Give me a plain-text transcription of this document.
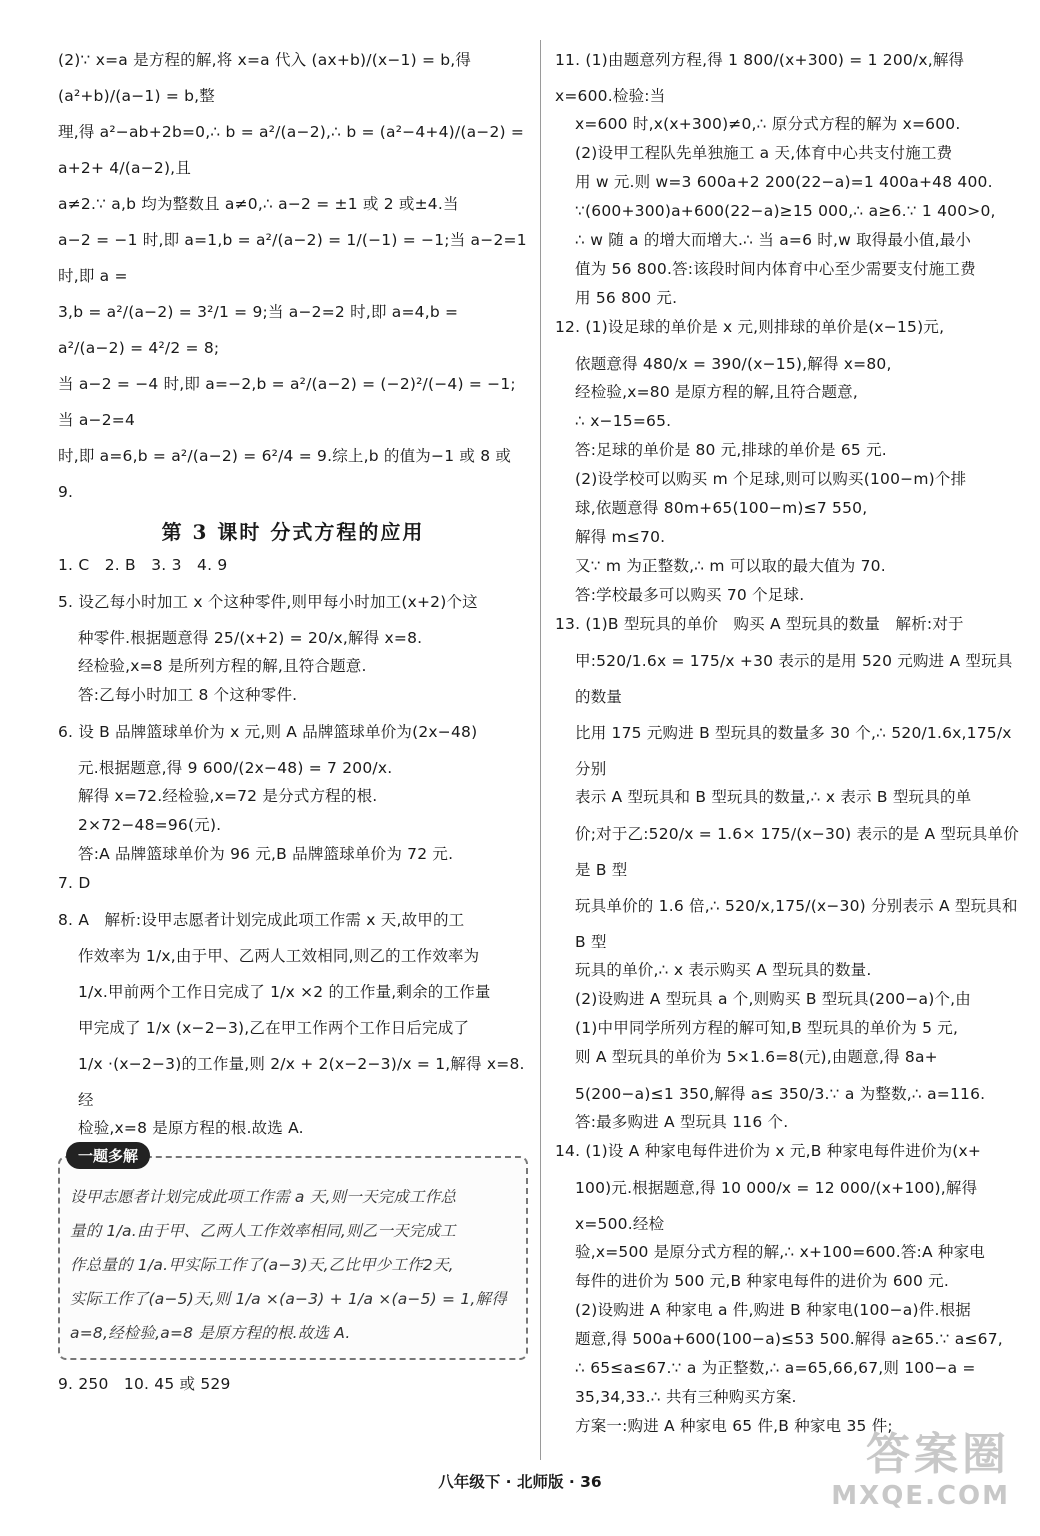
(2)∵ x=a 是方程的解,将 x=a 代入 (ax+b)/(x−1) = b,得 (a²+b)/(a−1) = b,整
理,得 a²−ab+2b=0,∴ b = a²/(a−2),∴ b = (a²−4+4)/(a−2) = a+2+ 4/(a−2),且
a≠2.∵ a,b 均为整数且 a≠0,∴ a−2 = ±1 或 2 或±4.当
a−2 = −1 时,即 a=1,b = a²/(a−2) = 1/(−1) = −1;当 a−2=1 时,即 a =
3,b = a²/(a−2) = 3²/1 = 9;当 a−2=2 时,即 a=4,b = a²/(a−2) = 4²/2 = 8;
当 a−2 = −4 时,即 a=−2,b = a²/(a−2) = (−2)²/(−4) = −1;当 a−2=4
时,即 a=6,b = a²/(a−2) = 6²/4 = 9.综上,b 的值为−1 或 8 或 9.
第 3 课时 分式方程的应用
1. C   2. B   3. 3   4. 9
5. 设乙每小时加工 x 个这种零件,则甲每小时加工(x+2)个这
种零件.根据题意得 25/(x+2) = 20/x,解得 x=8.
经检验,x=8 是所列方程的解,且符合题意.
答:乙每小时加工 8 个这种零件.
6. 设 B 品牌篮球单价为 x 元,则 A 品牌篮球单价为(2x−48)
元.根据题意,得 9 600/(2x−48) = 7 200/x.
解得 x=72.经检验,x=72 是分式方程的根.
2×72−48=96(元).
答:A 品牌篮球单价为 96 元,B 品牌篮球单价为 72 元.
7. D
8. A   解析:设甲志愿者计划完成此项工作需 x 天,故甲的工
作效率为 1/x,由于甲、乙两人工效相同,则乙的工作效率为
1/x.甲前两个工作日完成了 1/x ×2 的工作量,剩余的工作量
甲完成了 1/x (x−2−3),乙在甲工作两个工作日后完成了
1/x ·(x−2−3)的工作量,则 2/x + 2(x−2−3)/x = 1,解得 x=8.经
检验,x=8 是原方程的根.故选 A.
一题多解
设甲志愿者计划完成此项工作需 a 天,则一天完成工作总
量的 1/a.由于甲、乙两人工作效率相同,则乙一天完成工
作总量的 1/a.甲实际工作了(a−3)天,乙比甲少工作2天,
实际工作了(a−5)天,则 1/a ×(a−3) + 1/a ×(a−5) = 1,解得
a=8,经检验,a=8 是原方程的根.故选 A.
9. 250   10. 45 或 529
11. (1)由题意列方程,得 1 800/(x+300) = 1 200/x,解得 x=600.检验:当
x=600 时,x(x+300)≠0,∴ 原分式方程的解为 x=600.
(2)设甲工程队先单独施工 a 天,体育中心共支付施工费
用 w 元.则 w=3 600a+2 200(22−a)=1 400a+48 400.
∵(600+300)a+600(22−a)≥15 000,∴ a≥6.∵ 1 400>0,
∴ w 随 a 的增大而增大.∴ 当 a=6 时,w 取得最小值,最小
值为 56 800.答:该段时间内体育中心至少需要支付施工费
用 56 800 元.
12. (1)设足球的单价是 x 元,则排球的单价是(x−15)元,
依题意得 480/x = 390/(x−15),解得 x=80,
经检验,x=80 是原方程的解,且符合题意,
∴ x−15=65.
答:足球的单价是 80 元,排球的单价是 65 元.
(2)设学校可以购买 m 个足球,则可以购买(100−m)个排
球,依题意得 80m+65(100−m)≤7 550,
解得 m≤70.
又∵ m 为正整数,∴ m 可以取的最大值为 70.
答:学校最多可以购买 70 个足球.
13. (1)B 型玩具的单价   购买 A 型玩具的数量   解析:对于
甲:520/1.6x = 175/x +30 表示的是用 520 元购进 A 型玩具的数量
比用 175 元购进 B 型玩具的数量多 30 个,∴ 520/1.6x,175/x 分别
表示 A 型玩具和 B 型玩具的数量,∴ x 表示 B 型玩具的单
价;对于乙:520/x = 1.6× 175/(x−30) 表示的是 A 型玩具单价是 B 型
玩具单价的 1.6 倍,∴ 520/x,175/(x−30) 分别表示 A 型玩具和 B 型
玩具的单价,∴ x 表示购买 A 型玩具的数量.
(2)设购进 A 型玩具 a 个,则购买 B 型玩具(200−a)个,由
(1)中甲同学所列方程的解可知,B 型玩具的单价为 5 元,
则 A 型玩具的单价为 5×1.6=8(元),由题意,得 8a+
5(200−a)≤1 350,解得 a≤ 350/3.∵ a 为整数,∴ a=116.
答:最多购进 A 型玩具 116 个.
14. (1)设 A 种家电每件进价为 x 元,B 种家电每件进价为(x+
100)元.根据题意,得 10 000/x = 12 000/(x+100),解得 x=500.经检
验,x=500 是原分式方程的解,∴ x+100=600.答:A 种家电
每件的进价为 500 元,B 种家电每件的进价为 600 元.
(2)设购进 A 种家电 a 件,购进 B 种家电(100−a)件.根据
题意,得 500a+600(100−a)≤53 500.解得 a≥65.∵ a≤67,
∴ 65≤a≤67.∵ a 为正整数,∴ a=65,66,67,则 100−a =
35,34,33.∴ 共有三种购买方案.
方案一:购进 A 种家电 65 件,B 种家电 35 件;
八年级下 · 北师版 · 36
答案圈
MXQE.COM
